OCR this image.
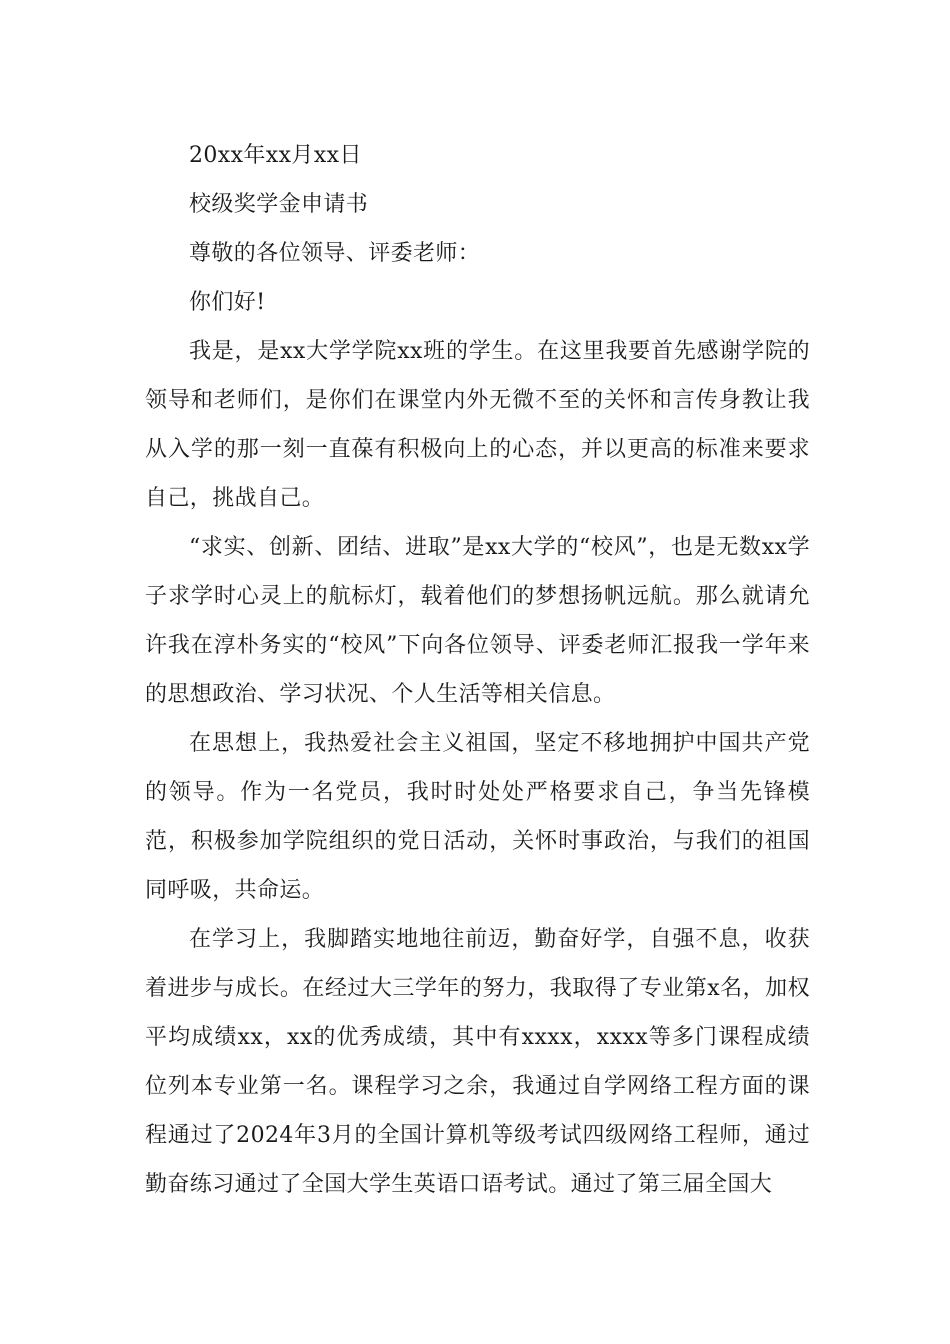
20xx年xx月xx日

校级奖学金申请书

尊敬的各位领导、评委老师：

你们好!

我是，是xx大学学院xx班的学生。在这里我要首先感谢学院的领导和老师们，是你们在课堂内外无微不至的关怀和言传身教让我从入学的那一刻一直葆有积极向上的心态，并以更高的标准来要求自己，挑战自己。

“求实、创新、团结、进取”是xx大学的“校风”，也是无数xx学子求学时心灵上的航标灯，载着他们的梦想扬帆远航。那么就请允许我在淳朴务实的“校风”下向各位领导、评委老师汇报我一学年来的思想政治、学习状况、个人生活等相关信息。

在思想上，我热爱社会主义祖国，坚定不移地拥护中国共产党的领导。作为一名党员，我时时处处严格要求自己，争当先锋模范，积极参加学院组织的党日活动，关怀时事政治，与我们的祖国同呼吸，共命运。

在学习上，我脚踏实地地往前迈，勤奋好学，自强不息，收获着进步与成长。在经过大三学年的努力，我取得了专业第x名，加权平均成绩xx，xx的优秀成绩，其中有xxxx，xxxx等多门课程成绩位列本专业第一名。课程学习之余，我通过自学网络工程方面的课程通过了2024年3月的全国计算机等级考试四级网络工程师，通过勤奋练习通过了全国大学生英语口语考试。通过了第三届全国大
